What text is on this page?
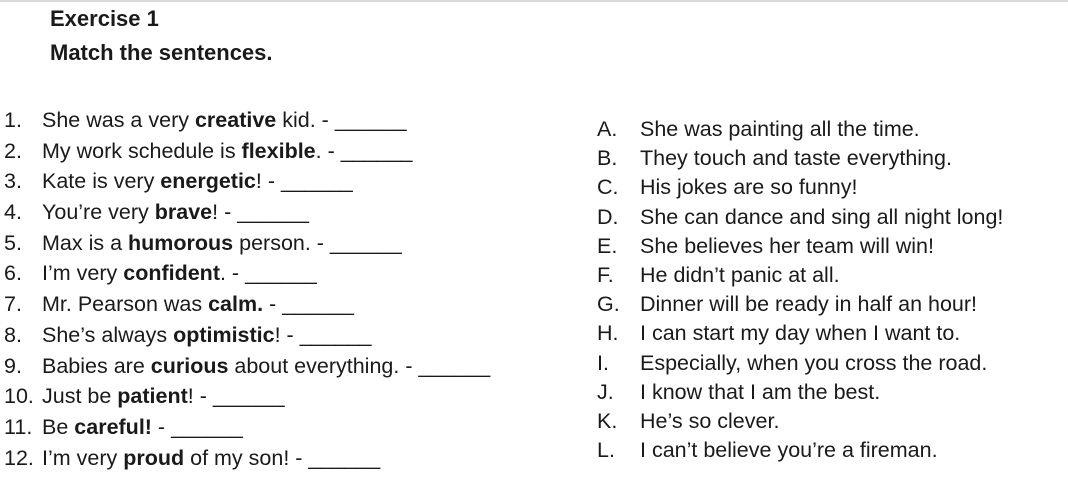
Exercise 1
Match the sentences.
1. She was a very creative kid. - ______
2. My work schedule is flexible. - ______
3. Kate is very energetic! - ______
4. You’re very brave! - ______
5. Max is a humorous person. - ______
6. I’m very confident. - ______
7. Mr. Pearson was calm. - ______
8. She’s always optimistic! - ______
9. Babies are curious about everything. - ______
10. Just be patient! - ______
11. Be careful! - ______
12. I’m very proud of my son! - ______
A. She was painting all the time.
B. They touch and taste everything.
C. His jokes are so funny!
D. She can dance and sing all night long!
E. She believes her team will win!
F. He didn’t panic at all.
G. Dinner will be ready in half an hour!
H. I can start my day when I want to.
I. Especially, when you cross the road.
J. I know that I am the best.
K. He’s so clever.
L. I can’t believe you’re a fireman.
